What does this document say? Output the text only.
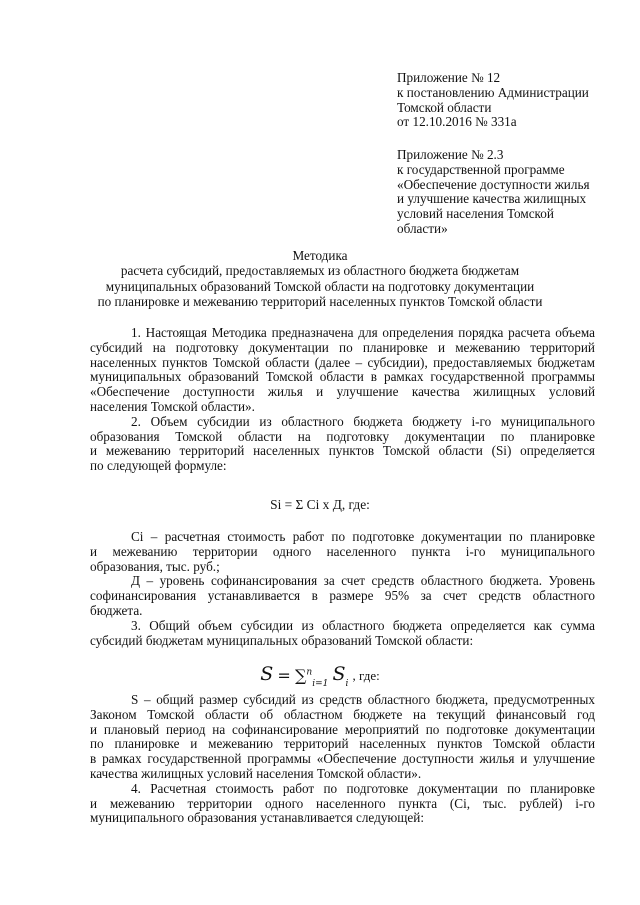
Приложение № 12
к постановлению Администрации
Томской области
от 12.10.2016 № 331а
Приложение № 2.3
к государственной программе
«Обеспечение доступности жилья
и улучшение качества жилищных
условий населения Томской
области»
Методика
расчета субсидий, предоставляемых из областного бюджета бюджетам
муниципальных образований Томской области на подготовку документации
по планировке и межеванию территорий населенных пунктов Томской области
1. Настоящая Методика предназначена для определения порядка расчета объема
субсидий на подготовку документации по планировке и межеванию территорий
населенных пунктов Томской области (далее – субсидии), предоставляемых бюджетам
муниципальных образований Томской области в рамках государственной программы
«Обеспечение доступности жилья и улучшение качества жилищных условий
населения Томской области».
2. Объем субсидии из областного бюджета бюджету i-го муниципального
образования Томской области на подготовку документации по планировке
и межеванию территорий населенных пунктов Томской области (Si) определяется
по следующей формуле:
Si = Σ Ci х Д, где:
Ci – расчетная стоимость работ по подготовке документации по планировке
и межеванию территории одного населенного пункта i-го муниципального
образования, тыс. руб.;
Д – уровень софинансирования за счет средств областного бюджета. Уровень
софинансирования устанавливается в размере 95% за счет средств областного
бюджета.
3. Общий объем субсидии из областного бюджета определяется как сумма
субсидий бюджетам муниципальных образований Томской области:
S = ∑$^n_{i=1}$ $S_i$ , где:
S – общий размер субсидий из средств областного бюджета, предусмотренных
Законом Томской области об областном бюджете на текущий финансовый год
и плановый период на софинансирование мероприятий по подготовке документации
по планировке и межеванию территорий населенных пунктов Томской области
в рамках государственной программы «Обеспечение доступности жилья и улучшение
качества жилищных условий населения Томской области».
4. Расчетная стоимость работ по подготовке документации по планировке
и межеванию территории одного населенного пункта (Ci, тыс. рублей) i-го
муниципального образования устанавливается следующей:
